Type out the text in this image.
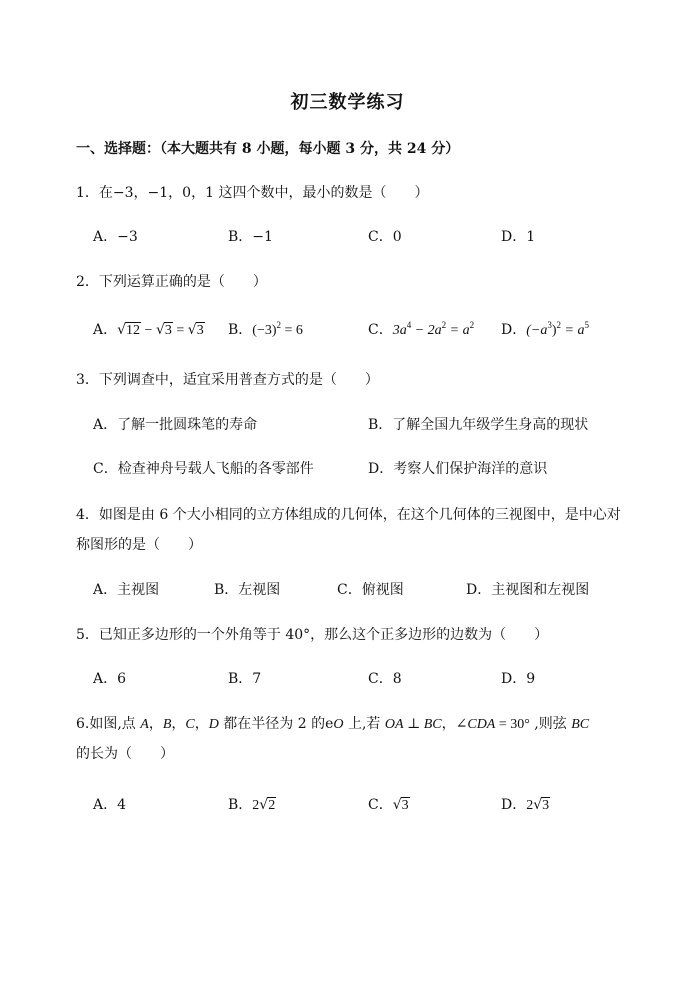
初三数学练习
一、选择题：（本大题共有 8 小题，每小题 3 分，共 24 分）
1．在−3，−1，0，1 这四个数中，最小的数是（　　）
A．−3	B．−1	C．0	D．1
2．下列运算正确的是（　　）
A．√12 − √3 = √3 B．$(-3)^2 = 6$	C．$3a^4 - 2a^2 = a^2$ D．$(-a^3)^2 = a^5$
3．下列调查中，适宜采用普查方式的是（　　）
A．了解一批圆珠笔的寿命	B．了解全国九年级学生身高的现状
C．检查神舟号载人飞船的各零部件	D．考察人们保护海洋的意识
4．如图是由 6 个大小相同的立方体组成的几何体，在这个几何体的三视图中，是中心对
称图形的是（　　）
A．主视图	B．左视图	C．俯视图	D．主视图和左视图
5．已知正多边形的一个外角等于 40°，那么这个正多边形的边数为（　　）
A．6	B．7	C．8	D．9
6.如图,点 A，B，C，D 都在半径为 2 的eO 上,若 OA ⊥ BC，∠CDA = 30° ,则弦 BC
的长为（　　）
A．4	B．2√2	C．√3	D．2√3
